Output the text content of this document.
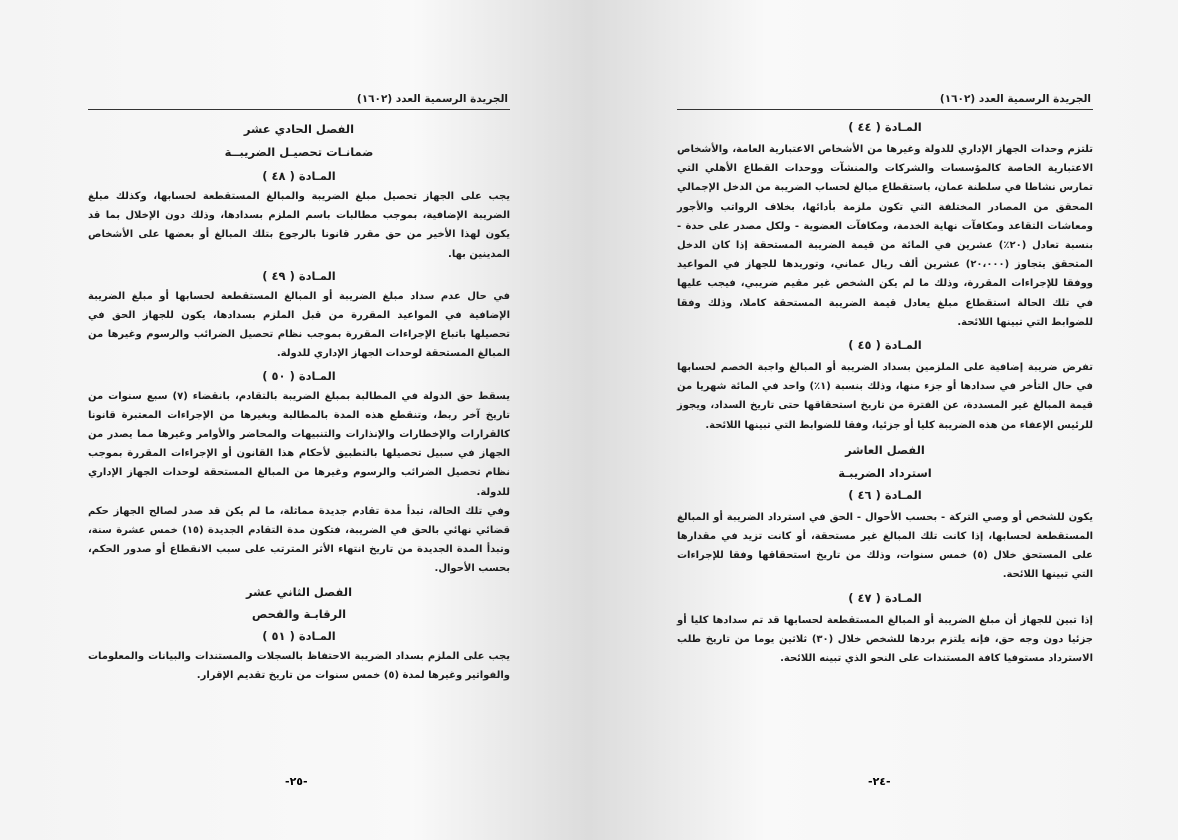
الجريدة الرسمية العدد (١٦٠٢)
الفصل الحادي عشر
ضمانـات تحصيـل الضريبــة
المـادة ( ٤٨ )

يجب على الجهاز تحصيل مبلغ الضريبة والمبالغ المستقطعة لحسابها، وكذلك مبلغ الضريبة الإضافية، بموجب مطالبات باسم الملزم بسدادها، وذلك دون الإخلال بما قد يكون لهذا الأخير من حق مقرر قانونا بالرجوع بتلك المبالغ أو بعضها على الأشخاص المدينين بها.

المـادة ( ٤٩ )

في حال عدم سداد مبلغ الضريبة أو المبالغ المستقطعة لحسابها أو مبلغ الضريبة الإضافية في المواعيد المقررة من قبل الملزم بسدادها، يكون للجهاز الحق في تحصيلها باتباع الإجراءات المقررة بموجب نظام تحصيل الضرائب والرسوم وغيرها من المبالغ المستحقة لوحدات الجهاز الإداري للدولة.

المـادة ( ٥٠ )

يسقط حق الدولة في المطالبة بمبلغ الضريبة بالتقادم، بانقضاء (٧) سبع سنوات من تاريخ آخر ربط، وتنقطع هذه المدة بالمطالبة وبغيرها من الإجراءات المعتبرة قانونا كالقرارات والإخطارات والإنذارات والتنبيهات والمحاضر والأوامر وغيرها مما يصدر من الجهاز في سبيل تحصيلها بالتطبيق لأحكام هذا القانون أو الإجراءات المقررة بموجب نظام تحصيل الضرائب والرسوم وغيرها من المبالغ المستحقة لوحدات الجهاز الإداري للدولة.

وفي تلك الحالة، تبدأ مدة تقادم جديدة مماثلة، ما لم يكن قد صدر لصالح الجهاز حكم قضائي نهائي بالحق في الضريبة، فتكون مدة التقادم الجديدة (١٥) خمس عشرة سنة، وتبدأ المدة الجديدة من تاريخ انتهاء الأثر المترتب على سبب الانقطاع أو صدور الحكم، بحسب الأحوال.

الفصل الثاني عشر
الرقابـة والفحص
المـادة ( ٥١ )

يجب على الملزم بسداد الضريبة الاحتفاظ بالسجلات والمستندات والبيانات والمعلومات والفواتير وغيرها لمدة (٥) خمس سنوات من تاريخ تقديم الإقرار.

-٢٥-
الجريدة الرسمية العدد (١٦٠٢)
المـادة ( ٤٤ )

تلتزم وحدات الجهاز الإداري للدولة وغيرها من الأشخاص الاعتبارية العامة، والأشخاص الاعتبارية الخاصة كالمؤسسات والشركات والمنشآت ووحدات القطاع الأهلي التي تمارس نشاطا في سلطنة عمان، باستقطاع مبالغ لحساب الضريبة من الدخل الإجمالي المحقق من المصادر المختلفة التي تكون ملزمة بأدائها، بخلاف الرواتب والأجور ومعاشات التقاعد ومكافآت نهاية الخدمة، ومكافآت العضوية - ولكل مصدر على حدة - بنسبة تعادل (٢٠٪) عشرين في المائة من قيمة الضريبة المستحقة إذا كان الدخل المتحقق يتجاوز (٢٠،٠٠٠) عشرين ألف ريال عماني، وتوريدها للجهاز في المواعيد ووفقا للإجراءات المقررة، وذلك ما لم يكن الشخص غير مقيم ضريبي، فيجب عليها في تلك الحالة استقطاع مبلغ يعادل قيمة الضريبة المستحقة كاملا، وذلك وفقا للضوابط التي تبينها اللائحة.

المـادة ( ٤٥ )

تفرض ضريبة إضافية على الملزمين بسداد الضريبة أو المبالغ واجبة الخصم لحسابها في حال التأخر في سدادها أو جزء منها، وذلك بنسبة (١٪) واحد في المائة شهريا من قيمة المبالغ غير المسددة، عن الفترة من تاريخ استحقاقها حتى تاريخ السداد، ويجوز للرئيس الإعفاء من هذه الضريبة كليا أو جزئيا، وفقا للضوابط التي تبينها اللائحة.

الفصل العاشر
استرداد الضريبـة
المـادة ( ٤٦ )

يكون للشخص أو وصي التركة - بحسب الأحوال - الحق في استرداد الضريبة أو المبالغ المستقطعة لحسابها، إذا كانت تلك المبالغ غير مستحقة، أو كانت تزيد في مقدارها على المستحق خلال (٥) خمس سنوات، وذلك من تاريخ استحقاقها وفقا للإجراءات التي تبينها اللائحة.

المـادة ( ٤٧ )

إذا تبين للجهاز أن مبلغ الضريبة أو المبالغ المستقطعة لحسابها قد تم سدادها كليا أو جزئيا دون وجه حق، فإنه يلتزم بردها للشخص خلال (٣٠) ثلاثين يوما من تاريخ طلب الاسترداد مستوفيا كافة المستندات على النحو الذي تبينه اللائحة.

-٢٤-
